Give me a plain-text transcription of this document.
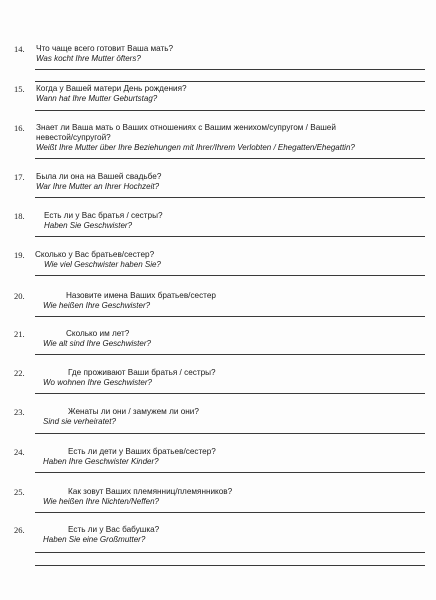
14. Что чаще всего готовит Ваша мать?
Was kocht Ihre Mutter öfters?
15. Когда у Вашей матери День рождения?
Wann hat Ihre Mutter Geburtstag?
16. Знает ли Ваша мать о Ваших отношениях с Вашим женихом/супругом / Вашей
невестой/супругой?
Weißt Ihre Mutter über Ihre Beziehungen mit Ihrer/Ihrem Verlobten / Ehegatten/Ehegattin?
17. Была ли она на Вашей свадьбе?
War Ihre Mutter an Ihrer Hochzeit?
18. Есть ли у Вас братья / сестры?
Haben Sie Geschwister?
19. Сколько у Вас братьев/сестер?
Wie viel Geschwister haben Sie?
20.	Назовите имена Ваших братьев/сестер
Wie heißen Ihre Geschwister?
21.	Сколько им лет?
Wie alt sind Ihre Geschwister?
22.	Где проживают Ваши братья / сестры?
Wo wohnen Ihre Geschwister?
23.	Женаты ли они / замужем ли они?
Sind sie verheiratet?
24.	Есть ли дети у Ваших братьев/сестер?
Haben Ihre Geschwister Kinder?
25.	Как зовут Ваших племянниц/племянников?
Wie heißen Ihre Nichten/Neffen?
26.	Есть ли у Вас бабушка?
Haben Sie eine Großmutter?
